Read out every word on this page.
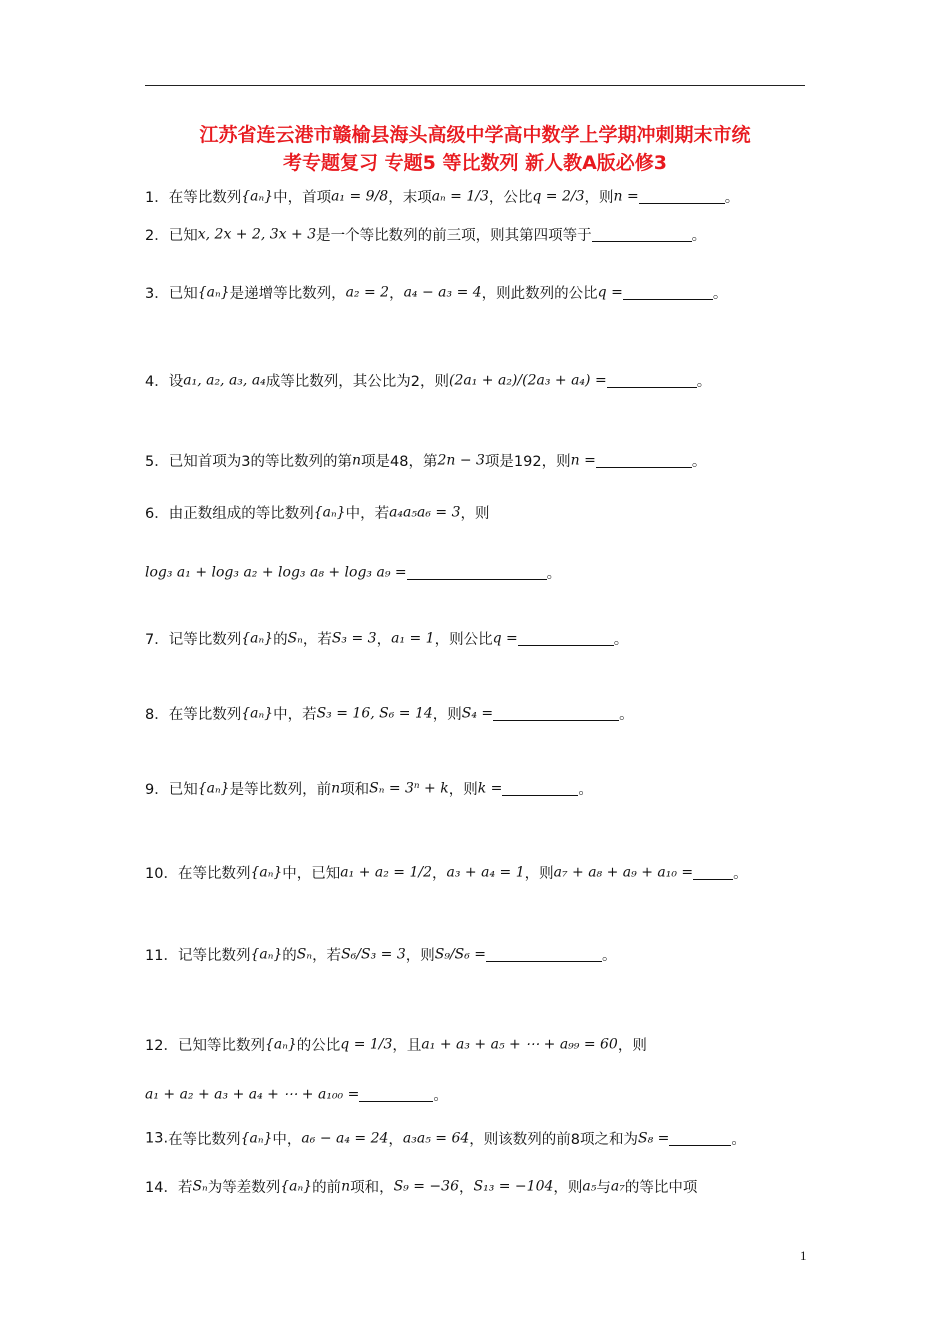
江苏省连云港市赣榆县海头高级中学高中数学上学期冲刺期末市统
考专题复习 专题5 等比数列 新人教A版必修3
1．在等比数列{aₙ}中，首项a₁ = 9/8，末项aₙ = 1/3，公比q = 2/3，则n =	。
2．已知x, 2x + 2, 3x + 3是一个等比数列的前三项，则其第四项等于	。
3．已知{aₙ}是递增等比数列，a₂ = 2，a₄ − a₃ = 4，则此数列的公比q =	。
4．设a₁, a₂, a₃, a₄成等比数列，其公比为2，则(2a₁ + a₂)/(2a₃ + a₄) =	。
5．已知首项为3的等比数列的第n项是48，第2n − 3项是192，则n =	。
6．由正数组成的等比数列{aₙ}中，若a₄a₅a₆ = 3，则
log₃ a₁ + log₃ a₂ + log₃ a₈ + log₃ a₉ =	。
7．记等比数列{aₙ}的Sₙ，若S₃ = 3，a₁ = 1，则公比q =	。
8．在等比数列{aₙ}中，若S₃ = 16, S₆ = 14，则S₄ =	。
9．已知{aₙ}是等比数列，前n项和Sₙ = 3ⁿ + k，则k =	。
10．在等比数列{aₙ}中，已知a₁ + a₂ = 1/2，a₃ + a₄ = 1，则a₇ + a₈ + a₉ + a₁₀ =	。
11．记等比数列{aₙ}的Sₙ，若S₆/S₃ = 3，则S₉/S₆ =	。
12．已知等比数列{aₙ}的公比q = 1/3，且a₁ + a₃ + a₅ + ⋯ + a₉₉ = 60，则
a₁ + a₂ + a₃ + a₄ + ⋯ + a₁₀₀ =	。
13.在等比数列{aₙ}中，a₆ − a₄ = 24，a₃a₅ = 64，则该数列的前8项之和为S₈ =	。
14．若Sₙ为等差数列{aₙ}的前n项和，S₉ = −36，S₁₃ = −104，则a₅与a₇的等比中项
1
